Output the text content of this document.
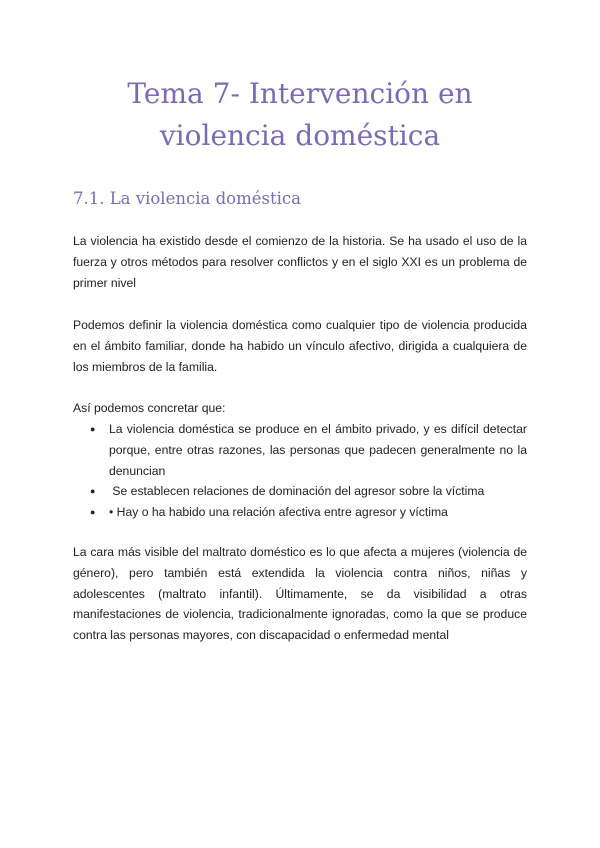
Tema 7- Intervención en violencia doméstica
7.1. La violencia doméstica

La violencia ha existido desde el comienzo de la historia. Se ha usado el uso de la fuerza y otros métodos para resolver conflictos y en el siglo XXI es un problema de primer nivel

Podemos definir la violencia doméstica como cualquier tipo de violencia producida en el ámbito familiar, donde ha habido un vínculo afectivo, dirigida a cualquiera de los miembros de la familia.

Así podemos concretar que:

● La violencia doméstica se produce en el ámbito privado, y es difícil detectar porque, entre otras razones, las personas que padecen generalmente no la denuncian
● Se establecen relaciones de dominación del agresor sobre la víctima
● • Hay o ha habido una relación afectiva entre agresor y víctima

La cara más visible del maltrato doméstico es lo que afecta a mujeres (violencia de género), pero también está extendida la violencia contra niños, niñas y adolescentes (maltrato infantil). Últimamente, se da visibilidad a otras manifestaciones de violencia, tradicionalmente ignoradas, como la que se produce contra las personas mayores, con discapacidad o enfermedad mental
